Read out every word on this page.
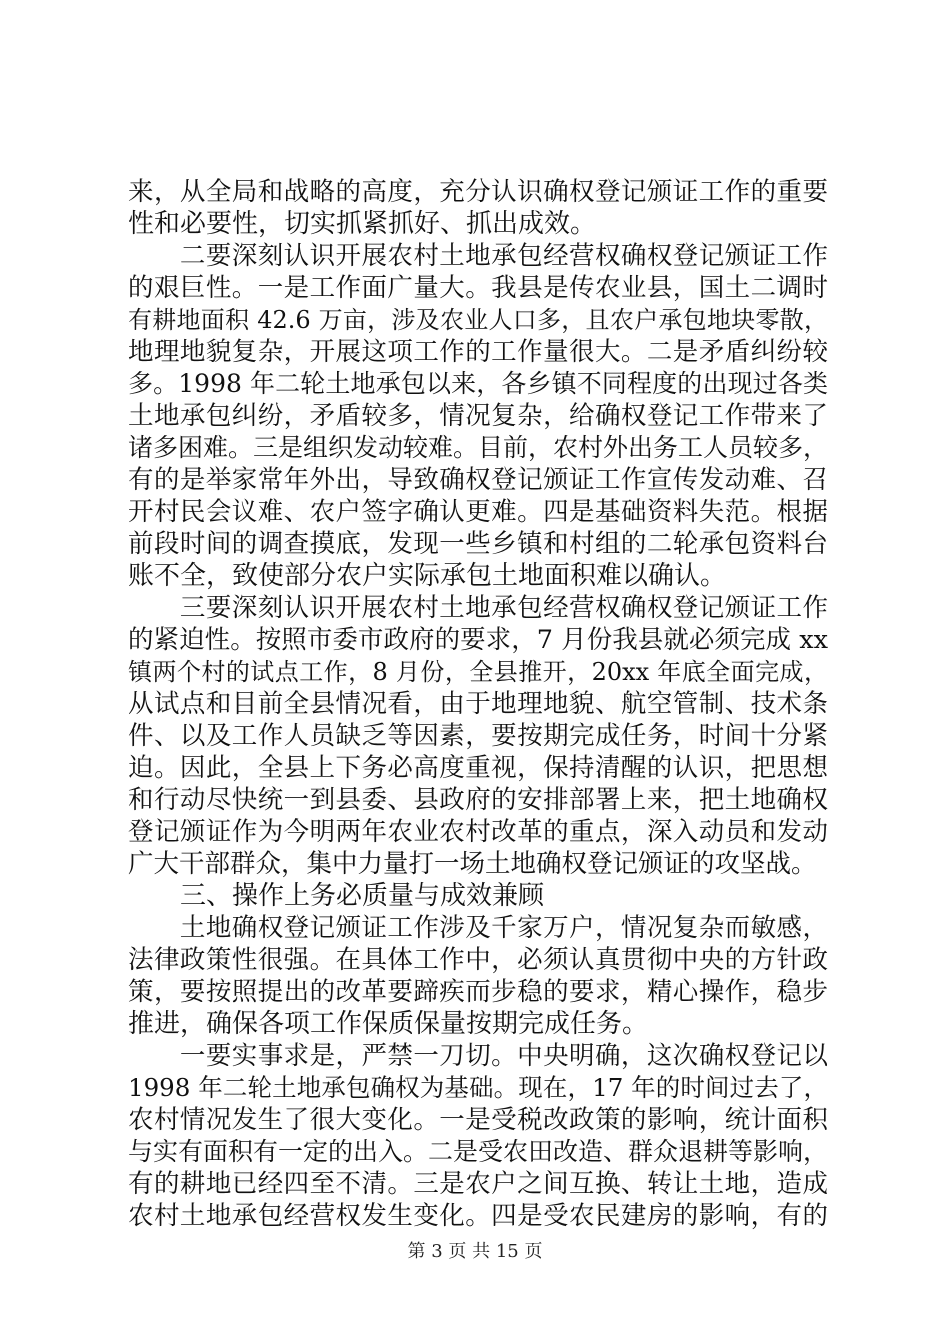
来，从全局和战略的高度，充分认识确权登记颁证工作的重要
性和必要性，切实抓紧抓好、抓出成效。
　　二要深刻认识开展农村土地承包经营权确权登记颁证工作
的艰巨性。一是工作面广量大。我县是传农业县，国土二调时
有耕地面积 42.6 万亩，涉及农业人口多，且农户承包地块零散，
地理地貌复杂，开展这项工作的工作量很大。二是矛盾纠纷较
多。1998 年二轮土地承包以来，各乡镇不同程度的出现过各类
土地承包纠纷，矛盾较多，情况复杂，给确权登记工作带来了
诸多困难。三是组织发动较难。目前，农村外出务工人员较多，
有的是举家常年外出，导致确权登记颁证工作宣传发动难、召
开村民会议难、农户签字确认更难。四是基础资料失范。根据
前段时间的调查摸底，发现一些乡镇和村组的二轮承包资料台
账不全，致使部分农户实际承包土地面积难以确认。
　　三要深刻认识开展农村土地承包经营权确权登记颁证工作
的紧迫性。按照市委市政府的要求，7 月份我县就必须完成 xx
镇两个村的试点工作，8 月份，全县推开，20xx 年底全面完成，
从试点和目前全县情况看，由于地理地貌、航空管制、技术条
件、以及工作人员缺乏等因素，要按期完成任务，时间十分紧
迫。因此，全县上下务必高度重视，保持清醒的认识，把思想
和行动尽快统一到县委、县政府的安排部署上来，把土地确权
登记颁证作为今明两年农业农村改革的重点，深入动员和发动
广大干部群众，集中力量打一场土地确权登记颁证的攻坚战。
　　三、操作上务必质量与成效兼顾
　　土地确权登记颁证工作涉及千家万户，情况复杂而敏感，
法律政策性很强。在具体工作中，必须认真贯彻中央的方针政
策，要按照提出的改革要蹄疾而步稳的要求，精心操作，稳步
推进，确保各项工作保质保量按期完成任务。
　　一要实事求是，严禁一刀切。中央明确，这次确权登记以
1998 年二轮土地承包确权为基础。现在，17 年的时间过去了，
农村情况发生了很大变化。一是受税改政策的影响，统计面积
与实有面积有一定的出入。二是受农田改造、群众退耕等影响，
有的耕地已经四至不清。三是农户之间互换、转让土地，造成
农村土地承包经营权发生变化。四是受农民建房的影响，有的
第 3 页 共 15 页
